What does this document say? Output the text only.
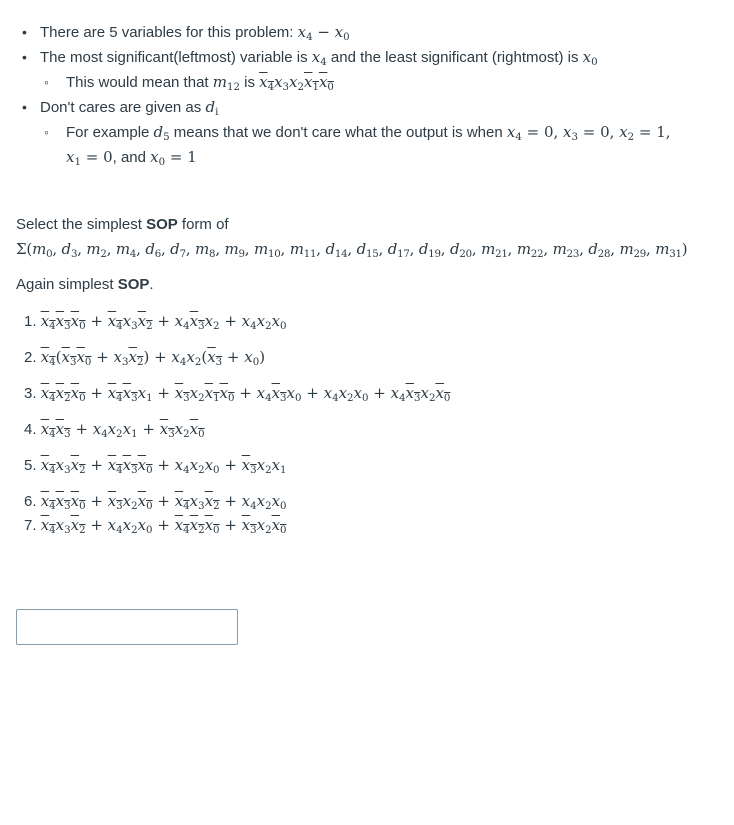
• There are 5 variables for this problem: $x_4 - x_0$
• The most significant(leftmost) variable is $x_4$ and the least significant (rightmost) is $x_0$
◦ This would mean that $m_{12}$ is $x_4x_3x_2x_1x_0$
• Don't cares are given as $d_i$
◦ For example $d_5$ means that we don't care what the output is when $x_4 = 0$, $x_3 = 0$, $x_2 = 1$,
$x_1 = 0$, and $x_0 = 1$

Select the simplest SOP form of

$\Sigma(m_0$, $d_3$, $m_2$, $m_4$, $d_6$, $d_7$, $m_8$, $m_9$, $m_{10}$, $m_{11}$, $d_{14}$, $d_{15}$, $d_{17}$, $d_{19}$, $d_{20}$, $m_{21}$, $m_{22}$, $m_{23}$, $d_{28}$, $m_{29}$, $m_{31}$)

Again simplest SOP.

1. $x_4x_3x_0 + x_4x_3x_2 + x_4x_3x_2 + x_4x_2x_0$
2. $x_4(x_3x_0 + x_3x_2) + x_4x_2(x_3 + x_0)$
3. $x_4x_2x_0 + x_4x_3x_1 + x_3x_2x_1x_0 + x_4x_3x_0 + x_4x_2x_0 + x_4x_3x_2x_0$
4. $x_4x_3 + x_4x_2x_1 + x_3x_2x_0$
5. $x_4x_3x_2 + x_4x_3x_0 + x_4x_2x_0 + x_3x_2x_1$
6. $x_4x_3x_0 + x_3x_2x_0 + x_4x_3x_2 + x_4x_2x_0$
7. $x_4x_3x_2 + x_4x_2x_0 + x_4x_2x_0 + x_3x_2x_0$
